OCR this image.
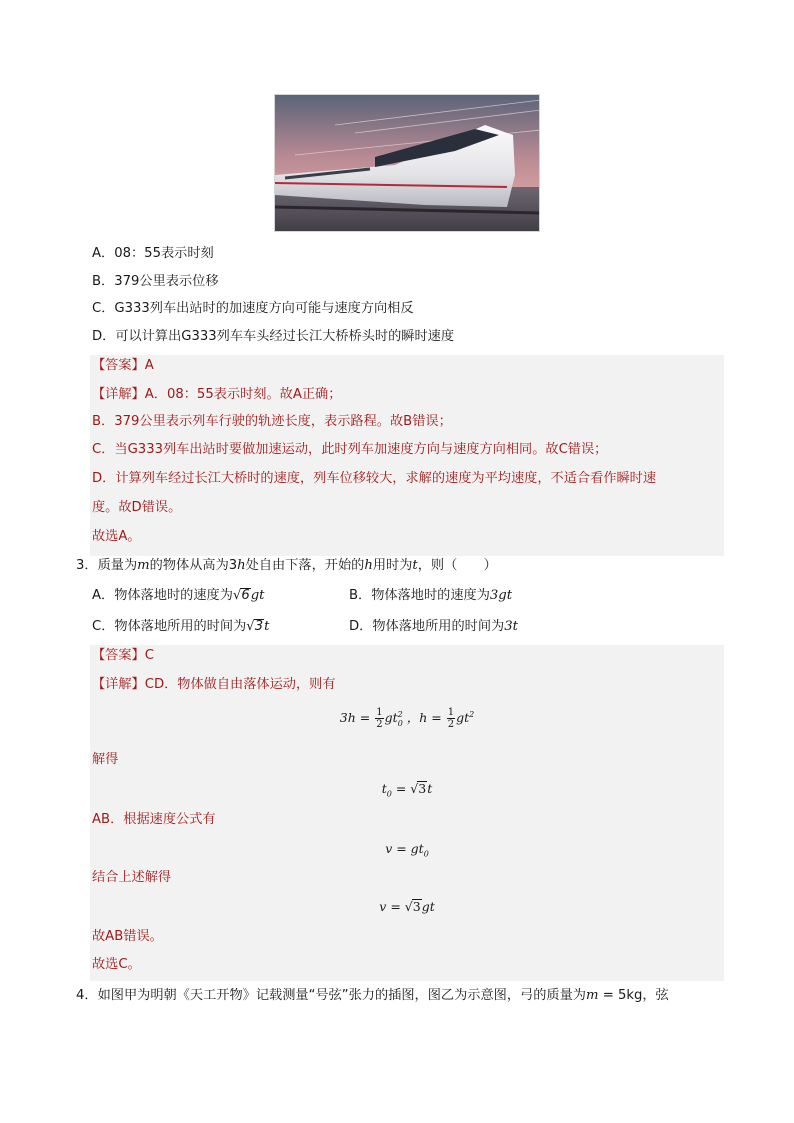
A．08：55表示时刻
B．379公里表示位移
C．G333列车出站时的加速度方向可能与速度方向相反
D．可以计算出G333列车车头经过长江大桥桥头时的瞬时速度
【答案】A
【详解】A．08：55表示时刻。故A正确；
B．379公里表示列车行驶的轨迹长度，表示路程。故B错误；
C．当G333列车出站时要做加速运动，此时列车加速度方向与速度方向相同。故C错误；
D．计算列车经过长江大桥时的速度，列车位移较大，求解的速度为平均速度，不适合看作瞬时速
度。故D错误。
故选A。
3．质量为m的物体从高为3h处自由下落，开始的h用时为t，则（　　）
A．物体落地时的速度为√6gt	B．物体落地时的速度为3gt
C．物体落地所用的时间为√3t	D．物体落地所用的时间为3t
【答案】C
【详解】CD．物体做自由落体运动，则有
$3h = \frac{1}{2} gt^2_0$ ，$h = \frac{1}{2} gt^2$
解得
$t_0 = √3t$
AB．根据速度公式有
$v = gt_0$
结合上述解得
v = √3gt
故AB错误。
故选C。
4．如图甲为明朝《天工开物》记载测量“号弦”张力的插图，图乙为示意图，弓的质量为m = 5kg，弦
